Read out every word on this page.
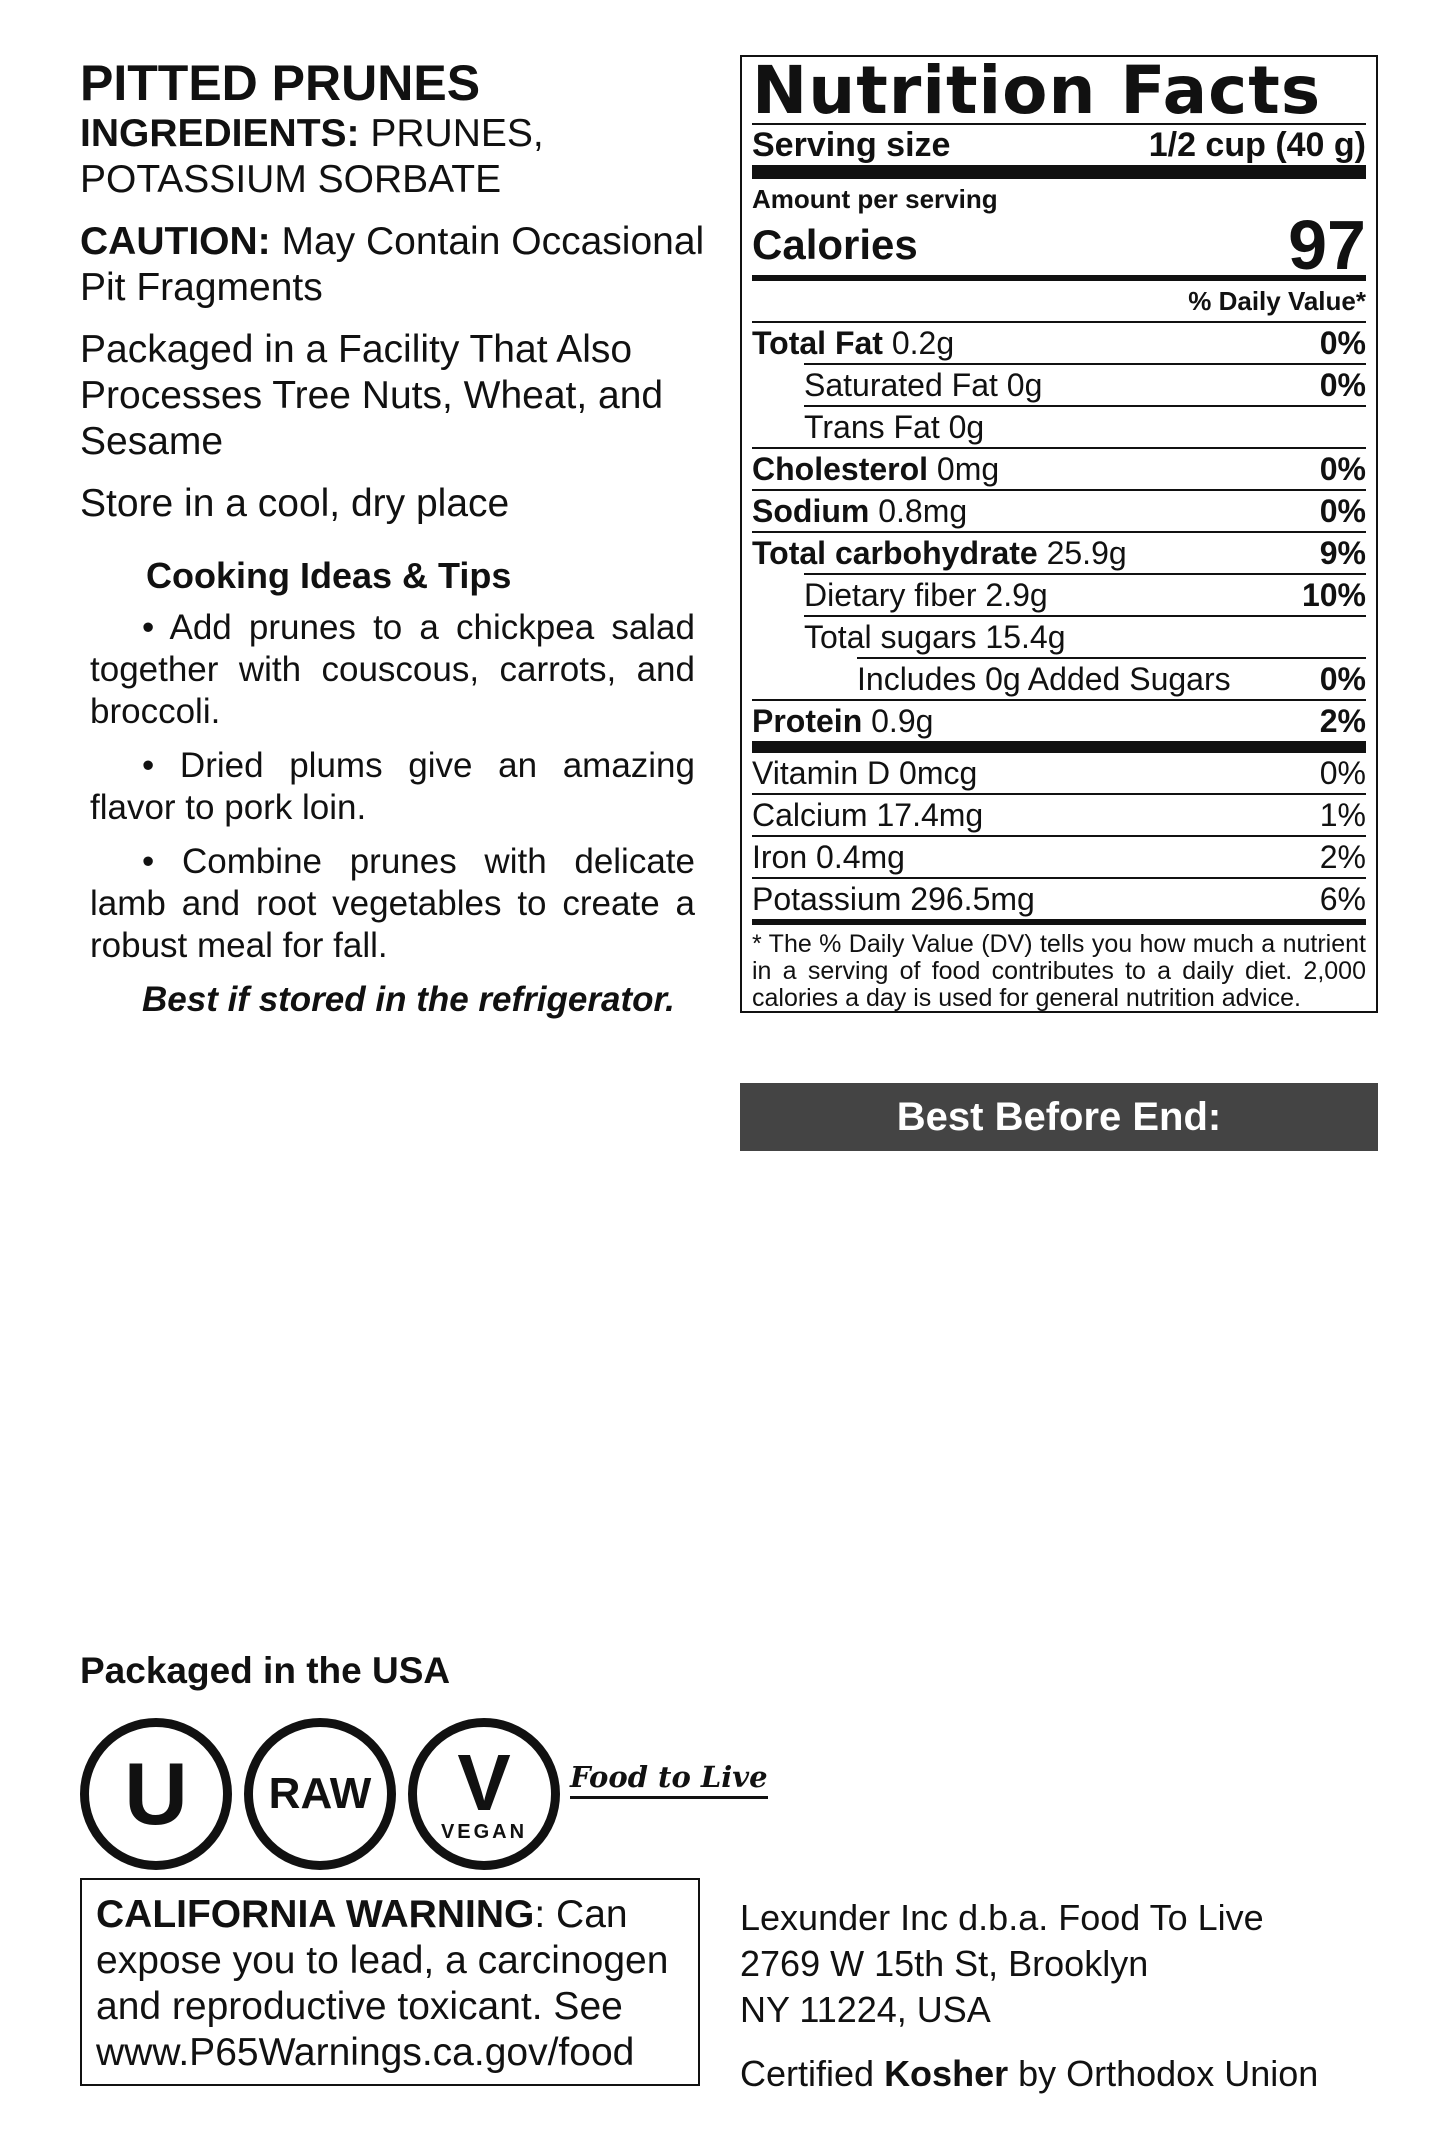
PITTED PRUNES

INGREDIENTS: PRUNES, POTASSIUM SORBATE

CAUTION: May Contain Occasional Pit Fragments

Packaged in a Facility That Also Processes Tree Nuts, Wheat, and Sesame

Store in a cool, dry place

Cooking Ideas & Tips

• Add prunes to a chickpea salad together with couscous, carrots, and broccoli.

• Dried plums give an amazing flavor to pork loin.

• Combine prunes with delicate lamb and root vegetables to create a robust meal for fall.

Best if stored in the refrigerator.

Nutrition Facts
Serving size	1/2 cup (40 g)
Amount per serving
Calories	97
% Daily Value*
Total Fat 0.2g	0%
Saturated Fat 0g	0%
Trans Fat 0g
Cholesterol 0mg	0%
Sodium 0.8mg	0%
Total carbohydrate 25.9g	9%
Dietary fiber 2.9g	10%
Total sugars 15.4g
Includes 0g Added Sugars	0%
Protein 0.9g	2%
Vitamin D 0mcg	0%
Calcium 17.4mg	1%
Iron 0.4mg	2%
Potassium 296.5mg	6%
* The % Daily Value (DV) tells you how much a nutrient in a serving of food contributes to a daily diet. 2,000 calories a day is used for general nutrition advice.
Best Before End:
Packaged in the USA
U RAW V
VEGAN
Food to Live
CALIFORNIA WARNING: Can expose you to lead, a carcinogen and reproductive toxicant. See www.P65Warnings.ca.gov/food
Lexunder Inc d.b.a. Food To Live
2769 W 15th St, Brooklyn
NY 11224, USA
Certified Kosher by Orthodox Union
